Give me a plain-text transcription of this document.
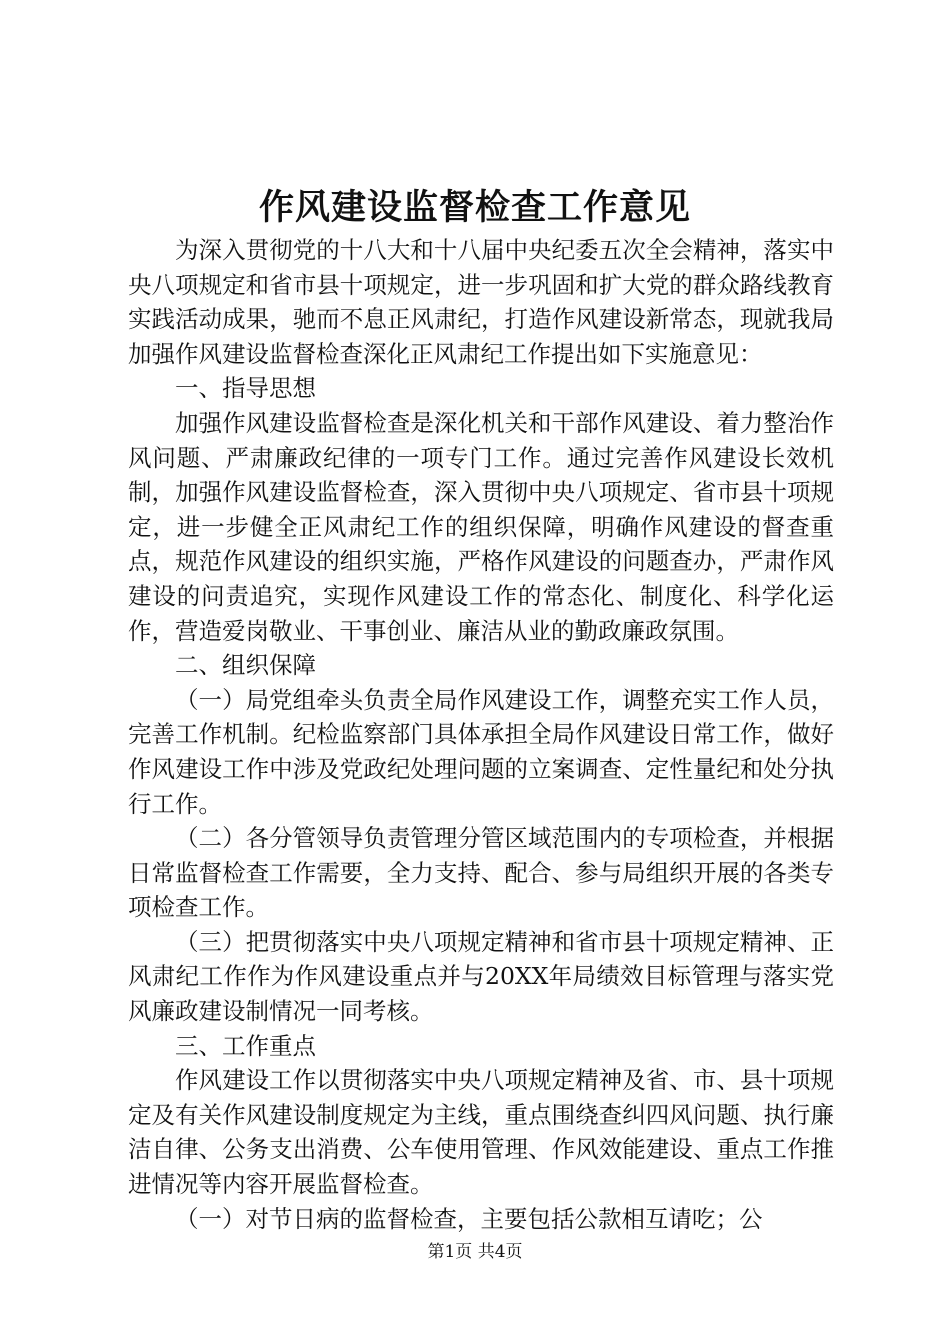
作风建设监督检查工作意见

为深入贯彻党的十八大和十八届中央纪委五次全会精神，落实中央八项规定和省市县十项规定，进一步巩固和扩大党的群众路线教育实践活动成果，驰而不息正风肃纪，打造作风建设新常态，现就我局加强作风建设监督检查深化正风肃纪工作提出如下实施意见：

一、指导思想

加强作风建设监督检查是深化机关和干部作风建设、着力整治作风问题、严肃廉政纪律的一项专门工作。通过完善作风建设长效机制，加强作风建设监督检查，深入贯彻中央八项规定、省市县十项规定，进一步健全正风肃纪工作的组织保障，明确作风建设的督查重点，规范作风建设的组织实施，严格作风建设的问题查办，严肃作风建设的问责追究，实现作风建设工作的常态化、制度化、科学化运作，营造爱岗敬业、干事创业、廉洁从业的勤政廉政氛围。

二、组织保障

（一）局党组牵头负责全局作风建设工作，调整充实工作人员，完善工作机制。纪检监察部门具体承担全局作风建设日常工作，做好作风建设工作中涉及党政纪处理问题的立案调查、定性量纪和处分执行工作。

（二）各分管领导负责管理分管区域范围内的专项检查，并根据日常监督检查工作需要，全力支持、配合、参与局组织开展的各类专项检查工作。

（三）把贯彻落实中央八项规定精神和省市县十项规定精神、正风肃纪工作作为作风建设重点并与20XX年局绩效目标管理与落实党风廉政建设制情况一同考核。

三、工作重点

作风建设工作以贯彻落实中央八项规定精神及省、市、县十项规定及有关作风建设制度规定为主线，重点围绕查纠四风问题、执行廉洁自律、公务支出消费、公车使用管理、作风效能建设、重点工作推进情况等内容开展监督检查。

（一）对节日病的监督检查，主要包括公款相互请吃；公

第1页 共4页
